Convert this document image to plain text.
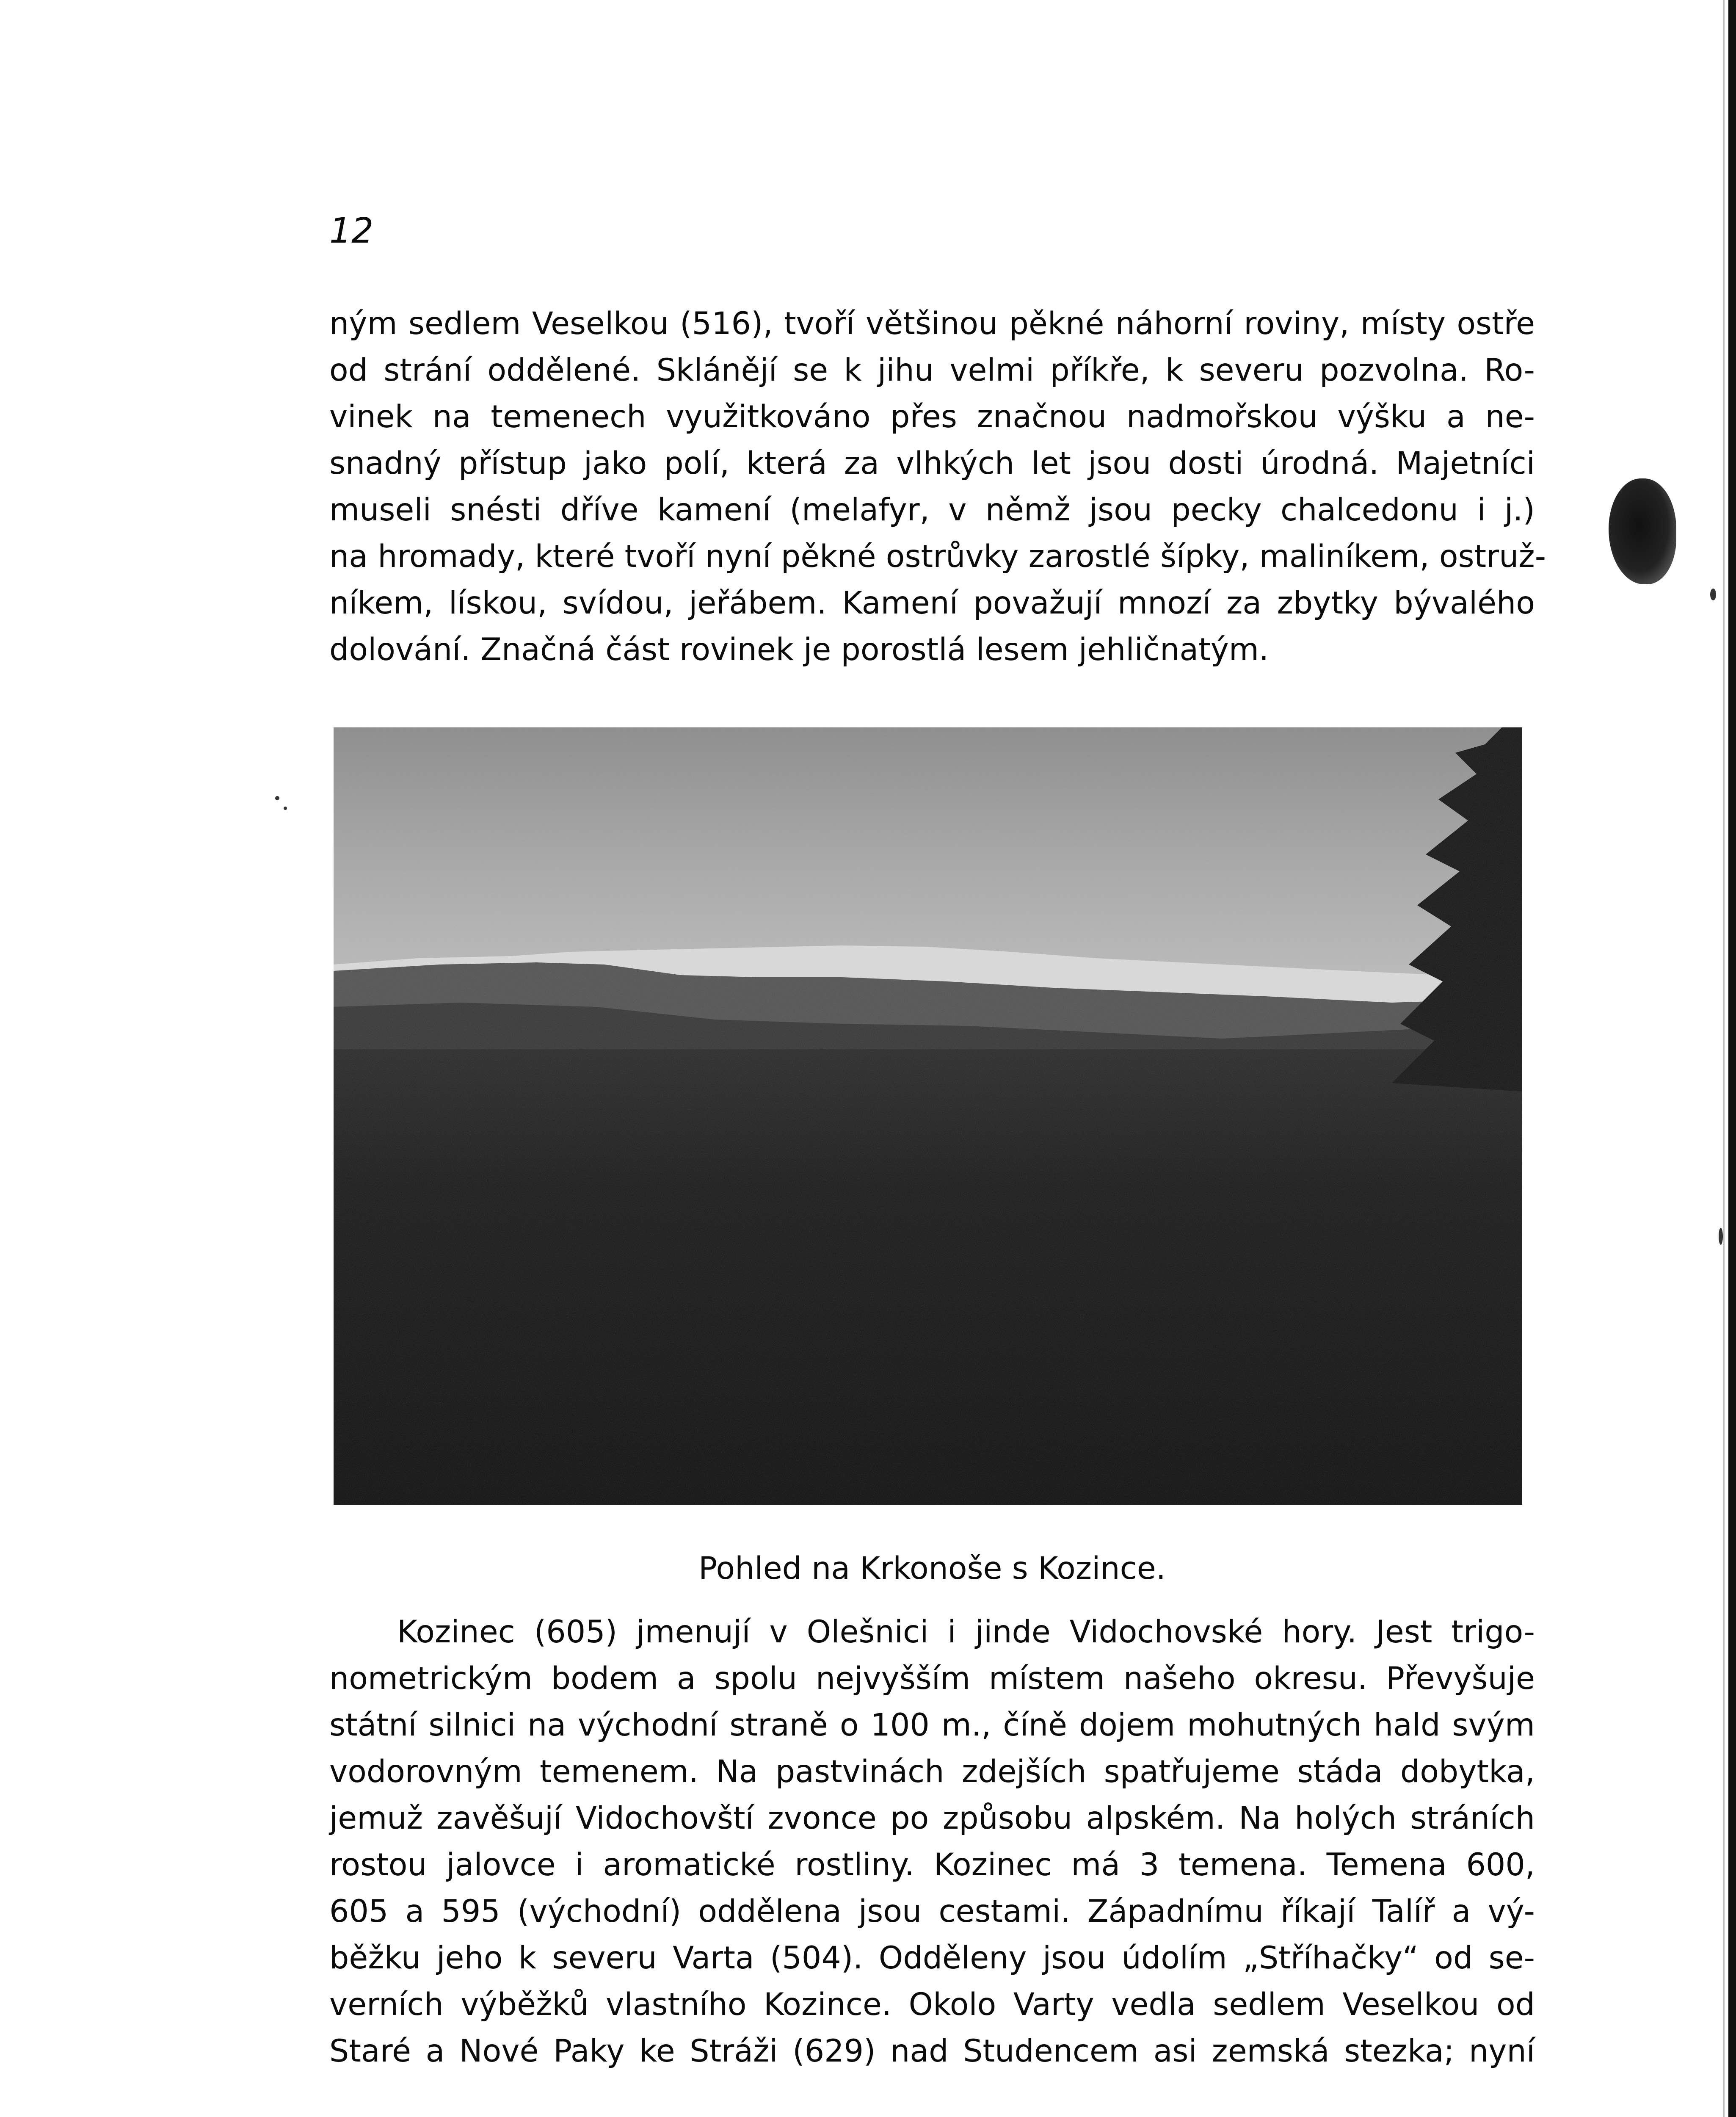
12

ným sedlem Veselkou (516), tvoří většinou pěkné náhorní roviny, místy ostře
od strání oddělené. Sklánějí se k jihu velmi příkře, k severu pozvolna. Ro-
vinek na temenech využitkováno přes značnou nadmořskou výšku a ne-
snadný přístup jako polí, která za vlhkých let jsou dosti úrodná. Majetníci
museli snésti dříve kamení (melafyr, v němž jsou pecky chalcedonu i j.)
na hromady, které tvoří nyní pěkné ostrůvky zarostlé šípky, maliníkem, ostruž-
níkem, lískou, svídou, jeřábem. Kamení považují mnozí za zbytky bývalého
dolování. Značná část rovinek je porostlá lesem jehličnatým.

Pohled na Krkonoše s Kozince.

Kozinec (605) jmenují v Olešnici i jinde Vidochovské hory. Jest trigo-
nometrickým bodem a spolu nejvyšším místem našeho okresu. Převyšuje
státní silnici na východní straně o 100 m., číně dojem mohutných hald svým
vodorovným temenem. Na pastvinách zdejších spatřujeme stáda dobytka,
jemuž zavěšují Vidochovští zvonce po způsobu alpském. Na holých stráních
rostou jalovce i aromatické rostliny. Kozinec má 3 temena. Temena 600,
605 a 595 (východní) oddělena jsou cestami. Západnímu říkají Talíř a vý-
běžku jeho k severu Varta (504). Odděleny jsou údolím „Stříhačky“ od se-
verních výběžků vlastního Kozince. Okolo Varty vedla sedlem Veselkou od
Staré a Nové Paky ke Stráži (629) nad Studencem asi zemská stezka; nyní
